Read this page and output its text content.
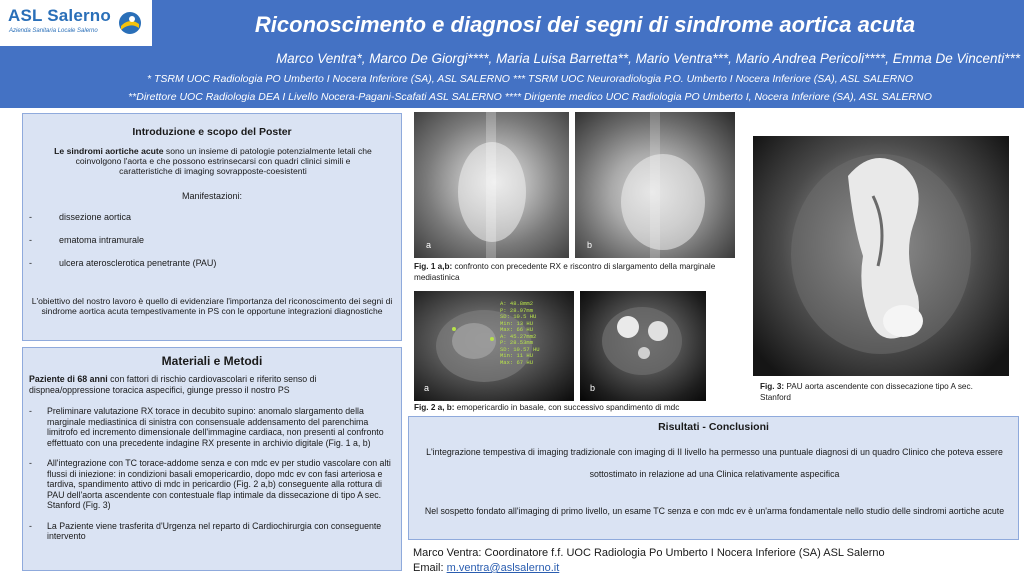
ASL Salerno
Azienda Sanitaria Locale Salerno	Riconoscimento e diagnosi dei segni di sindrome aortica acuta
Marco Ventra*, Marco De Giorgi****, Maria Luisa Barretta**, Mario Ventra***, Mario Andrea Pericoli****, Emma De Vincenti***
* TSRM UOC Radiologia PO Umberto I Nocera Inferiore (SA), ASL SALERNO *** TSRM UOC Neuroradiologia P.O. Umberto I Nocera Inferiore (SA), ASL SALERNO
**Direttore UOC Radiologia DEA I Livello Nocera-Pagani-Scafati ASL SALERNO **** Dirigente medico UOC Radiologia PO Umberto I, Nocera Inferiore (SA), ASL SALERNO
Introduzione e scopo del Poster
Le sindromi aortiche acute sono un insieme di patologie potenzialmente letali che coinvolgono l'aorta e che possono estrinsecarsi con quadri clinici simili e caratteristiche di imaging sovrapposte-coesistenti
Manifestazioni:
-	dissezione aortica
-	ematoma intramurale
-	ulcera aterosclerotica penetrante (PAU)
L'obiettivo del nostro lavoro è quello di evidenziare l'importanza del riconoscimento dei segni di sindrome aortica acuta tempestivamente in PS con le opportune integrazioni diagnostiche
Materiali e Metodi
Paziente di 68 anni con fattori di rischio cardiovascolari e riferito senso di dispnea/oppressione toracica aspecifici, giunge presso il nostro PS
- Preliminare valutazione RX torace in decubito supino: anomalo slargamento della marginale mediastinica di sinistra con consensuale addensamento del parenchima limitrofo ed incremento dimensionale dell'immagine cardiaca, non presenti al confronto effettuato con una precedente indagine RX presente in archivio digitale (Fig. 1 a, b)
- All'integrazione con TC torace-addome senza e con mdc ev per studio vascolare con alti flussi di iniezione: in condizioni basali emopericardio, dopo mdc ev con fasi arteriosa e tardiva, spandimento attivo di mdc in pericardio (Fig. 2 a,b) conseguente alla rottura di PAU dell'aorta ascendente con contestuale flap intimale da dissecazione di tipo A sec. Stanford (Fig. 3)
- La Paziente viene trasferita d'Urgenza nel reparto di Cardiochirurgia con conseguente intervento
a	b
Fig. 1 a,b: confronto con precedente RX e riscontro di slargamento della marginale mediastinica
A: 48.8mm2
P: 28.97mm
SD: 10.5 HU
Min: 13 HU
Max: 66 HU
A: 45.27mm2
P: 28.53mm
SD: 10.57 HU
Min: 11 HU
Max: 67 HU
a	b
Fig. 2 a, b: emopericardio in basale, con successivo spandimento di mdc
Fig. 3: PAU aorta ascendente con dissecazione tipo A sec. Stanford
Risultati - Conclusioni
L'integrazione tempestiva di imaging tradizionale con imaging di II livello ha permesso una puntuale diagnosi di un quadro Clinico che poteva essere sottostimato in relazione ad una Clinica relativamente aspecifica
Nel sospetto fondato all'imaging di primo livello, un esame TC senza e con mdc ev è un'arma fondamentale nello studio delle sindromi aortiche acute
Marco Ventra: Coordinatore f.f. UOC Radiologia Po Umberto I Nocera Inferiore (SA) ASL Salerno
Email: m.ventra@aslsalerno.it
